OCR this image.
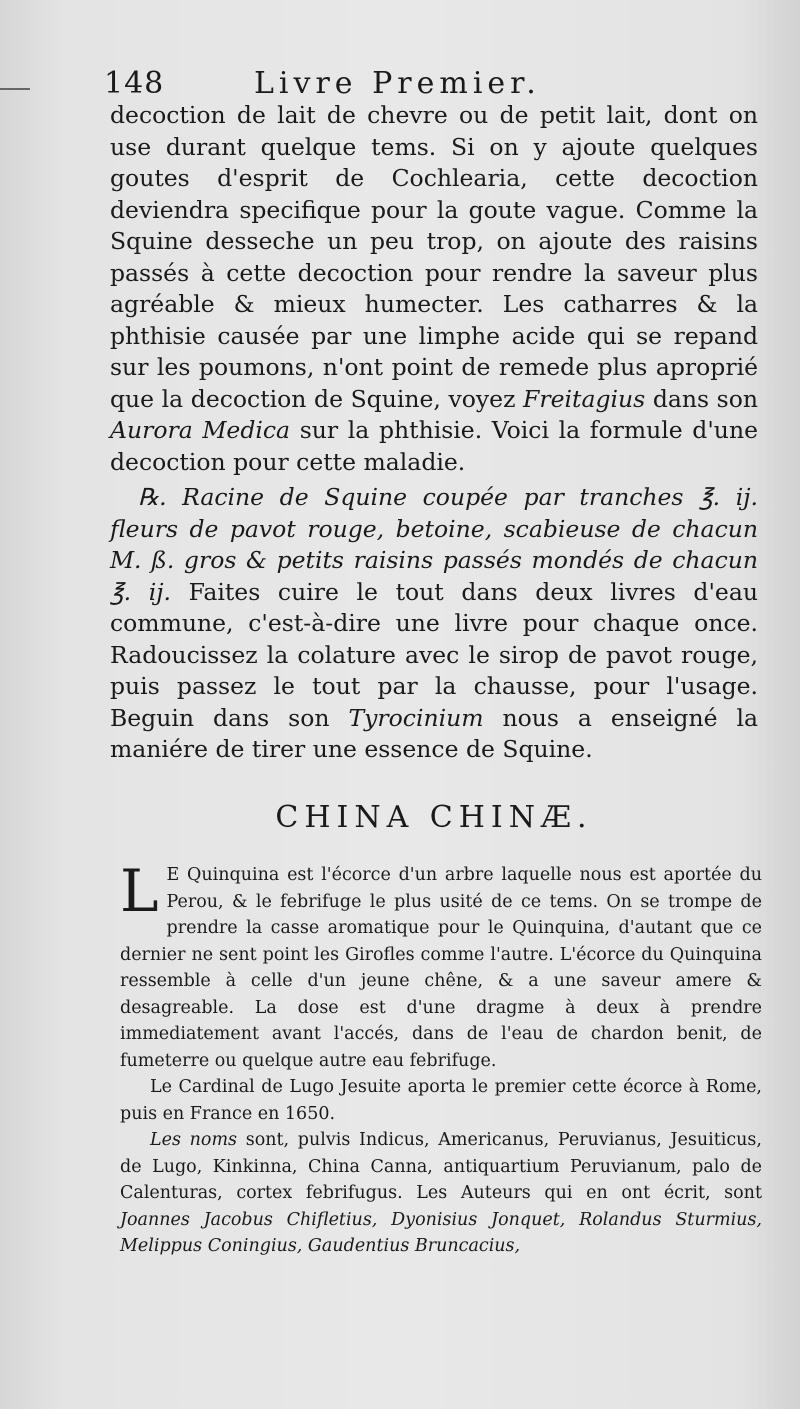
148	Livre Premier.

decoction de lait de chevre ou de petit lait, dont on use durant quelque tems. Si on y ajoute quelques goutes d'esprit de Cochlearia, cette decoction deviendra specifique pour la goute vague. Comme la Squine desseche un peu trop, on ajoute des raisins passés à cette decoction pour rendre la saveur plus agréable & mieux humecter. Les catharres & la phthisie causée par une limphe acide qui se repand sur les poumons, n'ont point de remede plus aproprié que la decoction de Squine, voyez Freitagius dans son Aurora Medica sur la phthisie. Voici la formule d'une decoction pour cette maladie.

℞. Racine de Squine coupée par tranches ℥. ij. fleurs de pavot rouge, betoine, scabieuse de chacun M. ß. gros & petits raisins passés mondés de chacun ℥. ij. Faites cuire le tout dans deux livres d'eau commune, c'est-à-dire une livre pour chaque once. Radoucissez la colature avec le sirop de pavot rouge, puis passez le tout par la chausse, pour l'usage. Beguin dans son Tyrocinium nous a enseigné la maniére de tirer une essence de Squine.

CHINA CHINÆ.

L E Quinquina est l'écorce d'un arbre laquelle nous est aportée du Perou, & le febrifuge le plus usité de ce tems. On se trompe de prendre la casse aromatique pour le Quinquina, d'autant que ce dernier ne sent point les Girofles comme l'autre. L'écorce du Quinquina ressemble à celle d'un jeune chêne, & a une saveur amere & desagreable. La dose est d'une dragme à deux à prendre immediatement avant l'accés, dans de l'eau de chardon benit, de fumeterre ou quelque autre eau febrifuge.

Le Cardinal de Lugo Jesuite aporta le premier cette écorce à Rome, puis en France en 1650.

Les noms sont, pulvis Indicus, Americanus, Peruvianus, Jesuiticus, de Lugo, Kinkinna, China Canna, antiquartium Peruvianum, palo de Calenturas, cortex febrifugus. Les Auteurs qui en ont écrit, sont Joannes Jacobus Chifletius, Dyonisius Jonquet, Rolandus Sturmius, Melippus Coningius, Gaudentius Bruncacius,
